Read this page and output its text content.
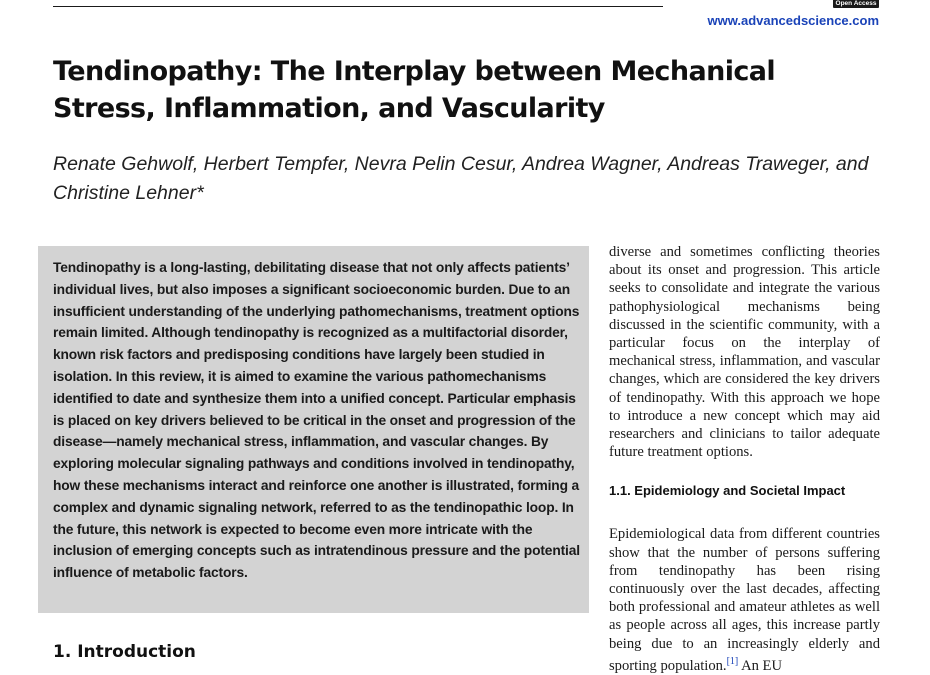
Open Access
www.advancedscience.com
Tendinopathy: The Interplay between Mechanical Stress, Inflammation, and Vascularity

Renate Gehwolf, Herbert Tempfer, Nevra Pelin Cesur, Andrea Wagner, Andreas Traweger, and Christine Lehner*

Tendinopathy is a long-lasting, debilitating disease that not only affects patients’ individual lives, but also imposes a significant socioeconomic burden. Due to an insufficient understanding of the underlying pathomechanisms, treatment options remain limited. Although tendinopathy is recognized as a multifactorial disorder, known risk factors and predisposing conditions have largely been studied in isolation. In this review, it is aimed to examine the various pathomechanisms identified to date and synthesize them into a unified concept. Particular emphasis is placed on key drivers believed to be critical in the onset and progression of the disease—namely mechanical stress, inflammation, and vascular changes. By exploring molecular signaling pathways and conditions involved in tendinopathy, how these mechanisms interact and reinforce one another is illustrated, forming a complex and dynamic signaling network, referred to as the tendinopathic loop. In the future, this network is expected to become even more intricate with the inclusion of emerging concepts such as intratendinous pressure and the potential influence of metabolic factors.

diverse and sometimes conflicting theories about its onset and progression. This article seeks to consolidate and integrate the various pathophysiological mechanisms being discussed in the scientific community, with a particular focus on the interplay of mechanical stress, inflammation, and vascular changes, which are considered the key drivers of tendinopathy. With this approach we hope to introduce a new concept which may aid researchers and clinicians to tailor adequate future treatment options.

1.1. Epidemiology and Societal Impact

Epidemiological data from different countries show that the number of persons suffering from tendinopathy has been rising continuously over the last decades, affecting both professional and amateur athletes as well as people across all ages, this increase partly being due to an increasingly elderly and sporting population.[1] An EU

1. Introduction
